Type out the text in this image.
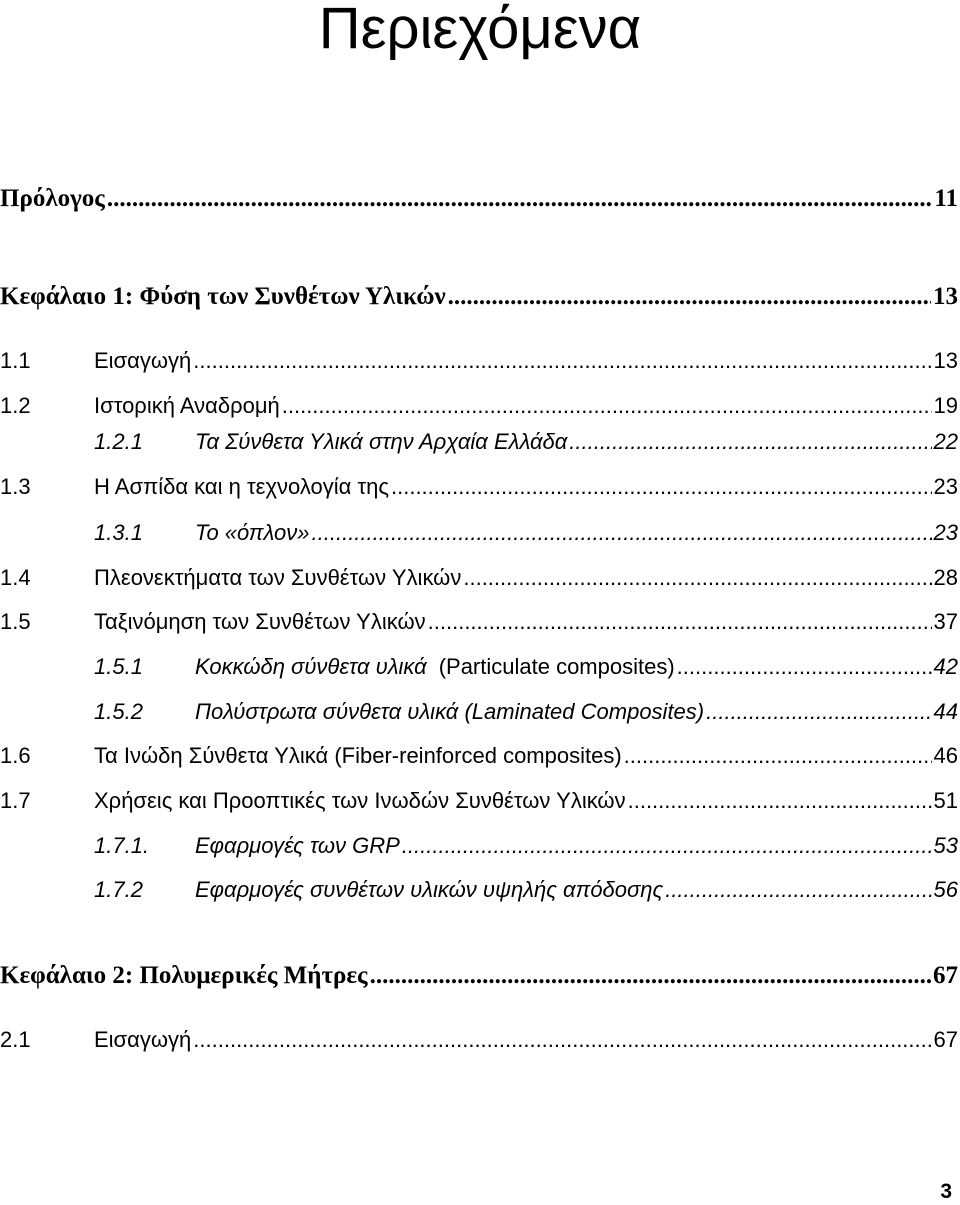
Περιεχόμενα
Πρόλογος .....	11
Κεφάλαιο 1: Φύση των Συνθέτων Υλικών .....	13
1.1	Εισαγωγή .....	13
1.2	Ιστορική Αναδρομή .....	19
1.2.1	Τα Σύνθετα Υλικά στην Αρχαία Ελλάδα .....	22
1.3	Η Ασπίδα και η τεχνολογία της .....	23
1.3.1	Το «όπλον» .....	23
1.4	Πλεονεκτήματα των Συνθέτων Υλικών .....	28
1.5	Ταξινόμηση των Συνθέτων Υλικών .....	37
1.5.1	Κοκκώδη σύνθετα υλικά (Particulate composites) .....	42
1.5.2	Πολύστρωτα σύνθετα υλικά (Laminated Composites) .....	44
1.6	Τα Ινώδη Σύνθετα Υλικά (Fiber-reinforced composites) .....	46
1.7	Χρήσεις και Προοπτικές των Ινωδών Συνθέτων Υλικών .....	51
1.7.1.	Εφαρμογές των GRP .....	53
1.7.2	Εφαρμογές συνθέτων υλικών υψηλής απόδοσης .....	56
Κεφάλαιο 2: Πολυμερικές Μήτρες .....	67
2.1	Εισαγωγή .....	67
3
